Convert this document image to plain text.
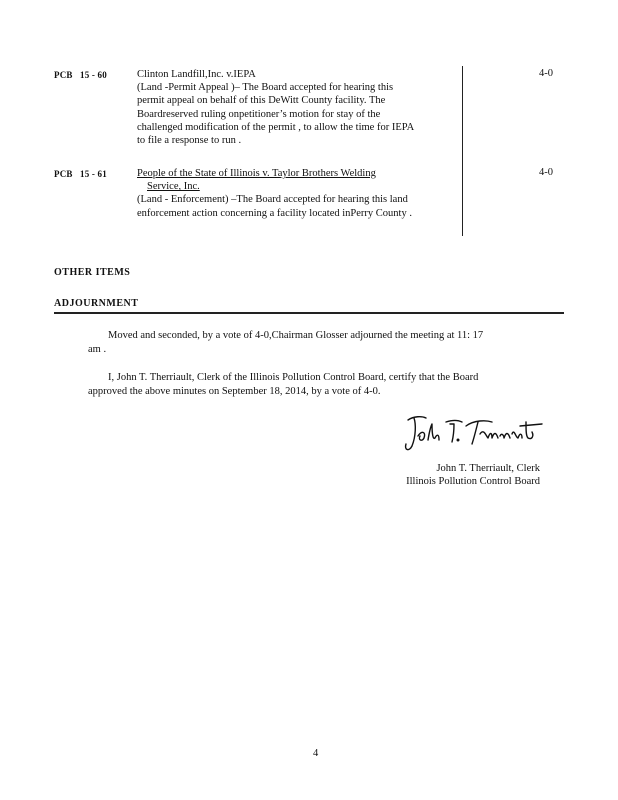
PCB 15 - 60	Clinton Landfill,Inc. v.IEPA
(Land -Permit Appeal )– The Board accepted for hearing this
permit appeal on behalf of this DeWitt County facility. The
Boardreserved ruling onpetitioner’s motion for stay of the
challenged modification of the permit , to allow the time for IEPA
to file a response to run .
4-0
PCB 15 - 61	People of the State of Illinois v. Taylor Brothers Welding
Service, Inc.
(Land - Enforcement) –The Board accepted for hearing this land
enforcement action concerning a facility located inPerry County .
4-0
OTHER ITEMS
ADJOURNMENT
Moved and seconded, by a vote of 4-0,Chairman Glosser adjourned the meeting at 11: 17
am .
I, John T. Therriault, Clerk of the Illinois Pollution Control Board, certify that the Board
approved the above minutes on September 18, 2014, by a vote of 4-0.
John T. Therriault, Clerk
Illinois Pollution Control Board
4
